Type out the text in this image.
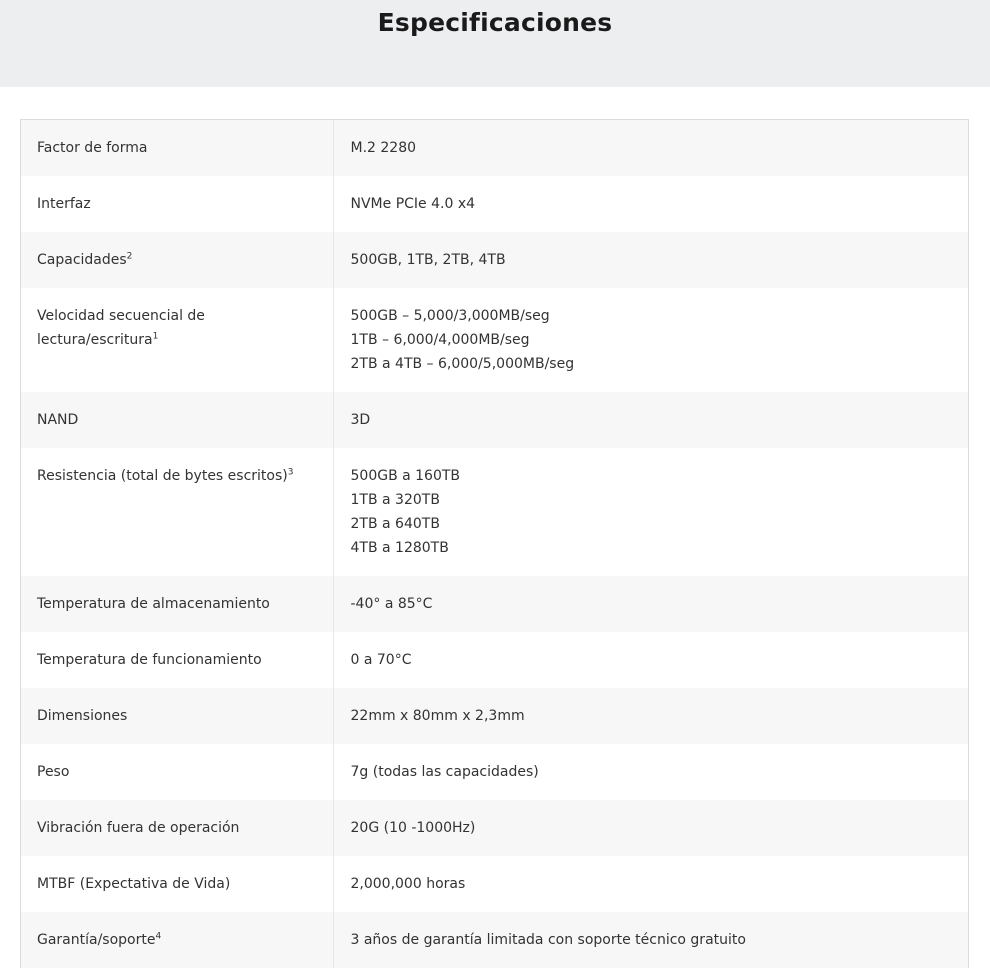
Especificaciones
Factor de forma	M.2 2280

Interfaz	NVMe PCIe 4.0 x4

Capacidades$^2$	500GB, 1TB, 2TB, 4TB

Velocidad secuencial de lectura/escritura$^1$	500GB – 5,000/3,000MB/seg
1TB – 6,000/4,000MB/seg
2TB a 4TB – 6,000/5,000MB/seg

NAND	3D

Resistencia (total de bytes escritos)$^3$	500GB a 160TB
1TB a 320TB
2TB a 640TB
4TB a 1280TB

Temperatura de almacenamiento	-40° a 85°C

Temperatura de funcionamiento	0 a 70°C

Dimensiones	22mm x 80mm x 2,3mm

Peso	7g (todas las capacidades)

Vibración fuera de operación	20G (10 -1000Hz)

MTBF (Expectativa de Vida)	2,000,000 horas

Garantía/soporte$^4$	3 años de garantía limitada con soporte técnico gratuito
